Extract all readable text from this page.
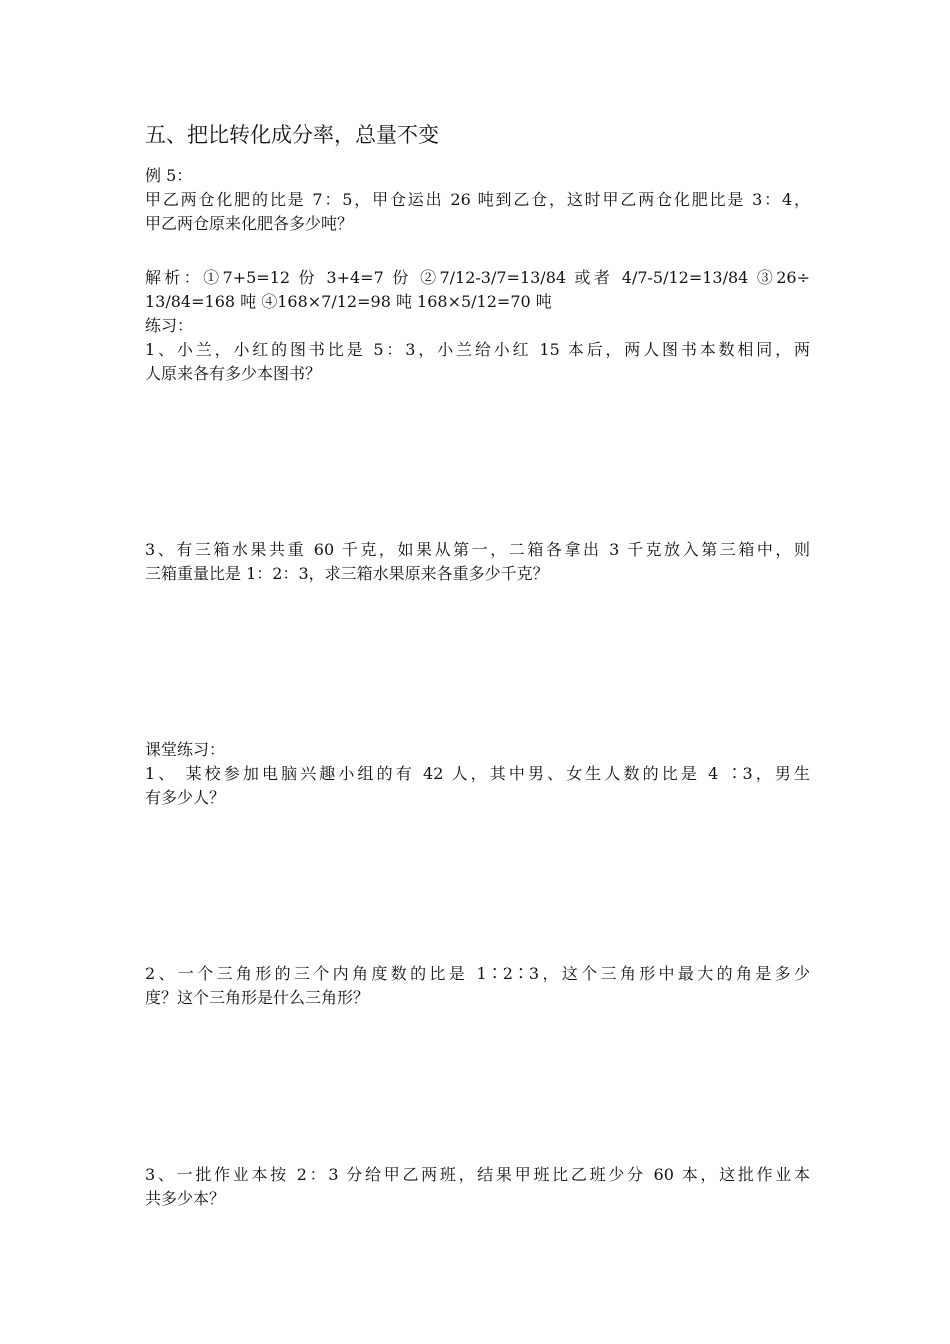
五、把比转化成分率，总量不变
例 5：
甲乙两仓化肥的比是 7：5，甲仓运出 26 吨到乙仓，这时甲乙两仓化肥比是 3：4，
甲乙两仓原来化肥各多少吨？
解析：①7+5=12 份 3+4=7 份 ②7/12-3/7=13/84 或者 4/7-5/12=13/84 ③26÷
13/84=168 吨 ④168×7/12=98 吨 168×5/12=70 吨
练习：
1、小兰，小红的图书比是 5：3，小兰给小红 15 本后，两人图书本数相同，两
人原来各有多少本图书？
3、有三箱水果共重 60 千克，如果从第一，二箱各拿出 3 千克放入第三箱中，则
三箱重量比是 1：2：3，求三箱水果原来各重多少千克？
课堂练习：
1、 某校参加电脑兴趣小组的有 42 人，其中男、女生人数的比是 4 ∶3，男生
有多少人？
2、一个三角形的三个内角度数的比是 1∶2∶3，这个三角形中最大的角是多少
度？这个三角形是什么三角形？
3、一批作业本按 2：3 分给甲乙两班，结果甲班比乙班少分 60 本，这批作业本
共多少本？
